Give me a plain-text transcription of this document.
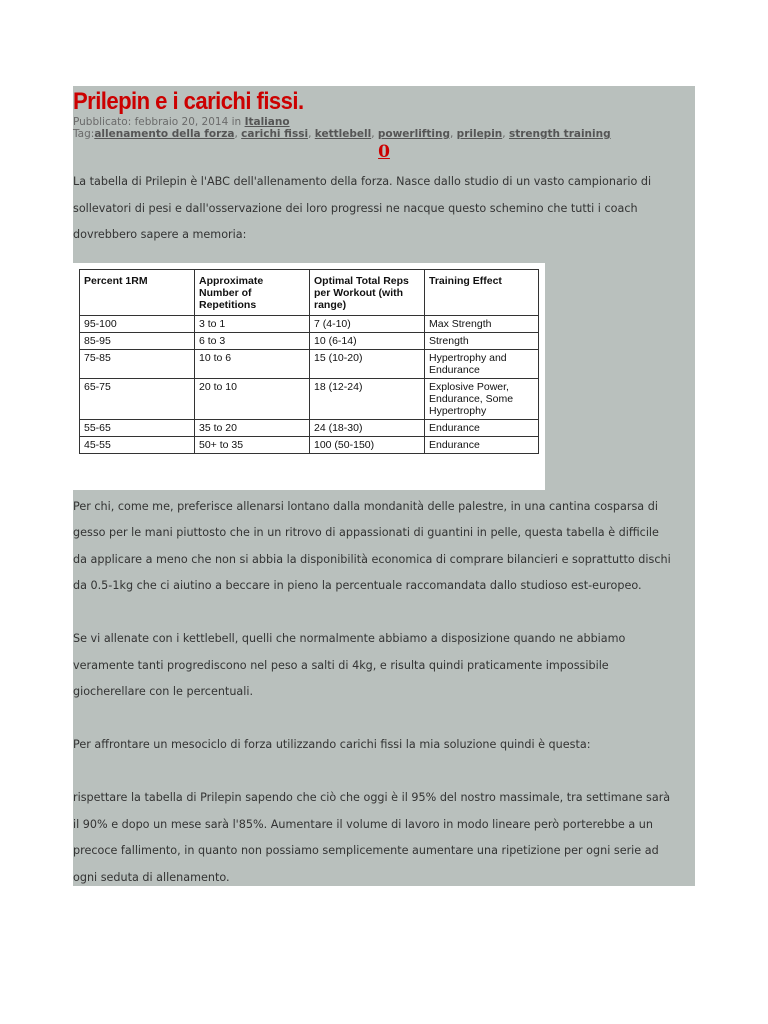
Prilepin e i carichi fissi.
Pubblicato: febbraio 20, 2014 in Italiano
Tag:allenamento della forza, carichi fissi, kettlebell, powerlifting, prilepin, strength training
0

La tabella di Prilepin è l'ABC dell'allenamento della forza. Nasce dallo studio di un vasto campionario di

sollevatori di pesi e dall'osservazione dei loro progressi ne nacque questo schemino che tutti i coach

dovrebbero sapere a memoria:

Percent 1RM	Approximate
Number of
Repetitions	Optimal Total Reps
per Workout (with
range)	Training Effect
95-100	3 to 1	7 (4-10)	Max Strength
85-95	6 to 3	10 (6-14)	Strength
75-85	10 to 6	15 (10-20)	Hypertrophy and
Endurance
65-75	20 to 10	18 (12-24)	Explosive Power,
Endurance, Some
Hypertrophy
55-65	35 to 20	24 (18-30)	Endurance
45-55	50+ to 35	100 (50-150)	Endurance

Per chi, come me, preferisce allenarsi lontano dalla mondanità delle palestre, in una cantina cosparsa di

gesso per le mani piuttosto che in un ritrovo di appassionati di guantini in pelle, questa tabella è difficile

da applicare a meno che non si abbia la disponibilità economica di comprare bilancieri e soprattutto dischi

da 0.5-1kg che ci aiutino a beccare in pieno la percentuale raccomandata dallo studioso est-europeo.

Se vi allenate con i kettlebell, quelli che normalmente abbiamo a disposizione quando ne abbiamo

veramente tanti progrediscono nel peso a salti di 4kg, e risulta quindi praticamente impossibile

giocherellare con le percentuali.

Per affrontare un mesociclo di forza utilizzando carichi fissi la mia soluzione quindi è questa:

rispettare la tabella di Prilepin sapendo che ciò che oggi è il 95% del nostro massimale, tra settimane sarà

il 90% e dopo un mese sarà l'85%. Aumentare il volume di lavoro in modo lineare però porterebbe a un

precoce fallimento, in quanto non possiamo semplicemente aumentare una ripetizione per ogni serie ad

ogni seduta di allenamento.
